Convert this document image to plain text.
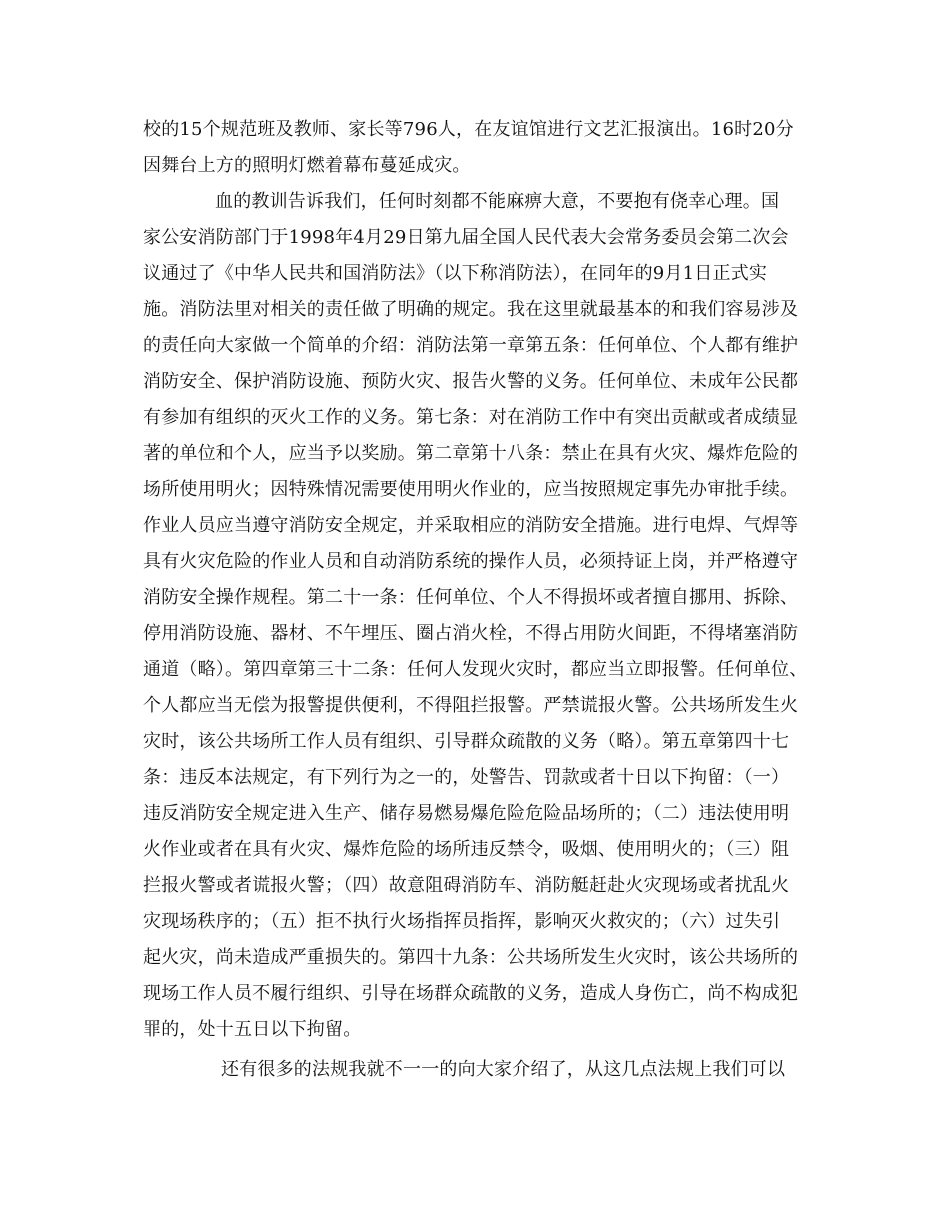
校的15个规范班及教师、家长等796人，在友谊馆进行文艺汇报演出。16时20分
因舞台上方的照明灯燃着幕布蔓延成灾。
血的教训告诉我们，任何时刻都不能麻痹大意，不要抱有侥幸心理。国
家公安消防部门于1998年4月29日第九届全国人民代表大会常务委员会第二次会
议通过了《中华人民共和国消防法》（以下称消防法），在同年的9月1日正式实
施。消防法里对相关的责任做了明确的规定。我在这里就最基本的和我们容易涉及
的责任向大家做一个简单的介绍：消防法第一章第五条：任何单位、个人都有维护
消防安全、保护消防设施、预防火灾、报告火警的义务。任何单位、未成年公民都
有参加有组织的灭火工作的义务。第七条：对在消防工作中有突出贡献或者成绩显
著的单位和个人，应当予以奖励。第二章第十八条：禁止在具有火灾、爆炸危险的
场所使用明火；因特殊情况需要使用明火作业的，应当按照规定事先办审批手续。
作业人员应当遵守消防安全规定，并采取相应的消防安全措施。进行电焊、气焊等
具有火灾危险的作业人员和自动消防系统的操作人员，必须持证上岗，并严格遵守
消防安全操作规程。第二十一条：任何单位、个人不得损坏或者擅自挪用、拆除、
停用消防设施、器材、不午埋压、圈占消火栓，不得占用防火间距，不得堵塞消防
通道（略）。第四章第三十二条：任何人发现火灾时，都应当立即报警。任何单位、
个人都应当无偿为报警提供便利，不得阻拦报警。严禁谎报火警。公共场所发生火
灾时，该公共场所工作人员有组织、引导群众疏散的义务（略）。第五章第四十七
条：违反本法规定，有下列行为之一的，处警告、罚款或者十日以下拘留：（一）
违反消防安全规定进入生产、储存易燃易爆危险危险品场所的；（二）违法使用明
火作业或者在具有火灾、爆炸危险的场所违反禁令，吸烟、使用明火的；（三）阻
拦报火警或者谎报火警；（四）故意阻碍消防车、消防艇赶赴火灾现场或者扰乱火
灾现场秩序的；（五）拒不执行火场指挥员指挥，影响灭火救灾的；（六）过失引
起火灾，尚未造成严重损失的。第四十九条：公共场所发生火灾时，该公共场所的
现场工作人员不履行组织、引导在场群众疏散的义务，造成人身伤亡，尚不构成犯
罪的，处十五日以下拘留。
还有很多的法规我就不一一的向大家介绍了，从这几点法规上我们可以
